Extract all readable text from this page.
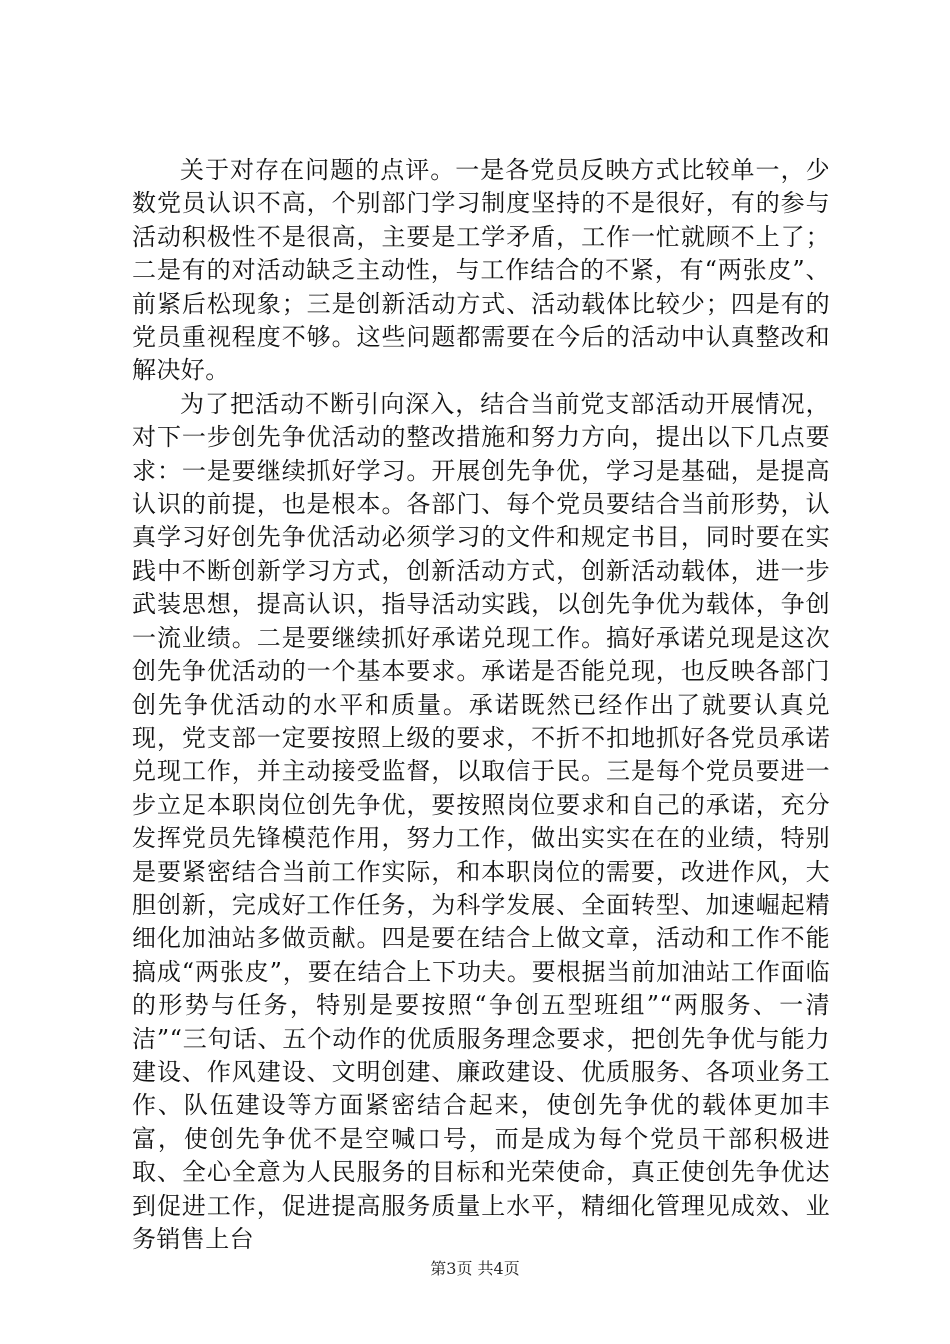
关于对存在问题的点评。一是各党员反映方式比较单一，少数党员认识不高，个别部门学习制度坚持的不是很好，有的参与活动积极性不是很高，主要是工学矛盾，工作一忙就顾不上了；二是有的对活动缺乏主动性，与工作结合的不紧，有“两张皮”、前紧后松现象；三是创新活动方式、活动载体比较少；四是有的党员重视程度不够。这些问题都需要在今后的活动中认真整改和解决好。

为了把活动不断引向深入，结合当前党支部活动开展情况，对下一步创先争优活动的整改措施和努力方向，提出以下几点要求：一是要继续抓好学习。开展创先争优，学习是基础，是提高认识的前提，也是根本。各部门、每个党员要结合当前形势，认真学习好创先争优活动必须学习的文件和规定书目，同时要在实践中不断创新学习方式，创新活动方式，创新活动载体，进一步武装思想，提高认识，指导活动实践，以创先争优为载体，争创一流业绩。二是要继续抓好承诺兑现工作。搞好承诺兑现是这次创先争优活动的一个基本要求。承诺是否能兑现，也反映各部门创先争优活动的水平和质量。承诺既然已经作出了就要认真兑现，党支部一定要按照上级的要求，不折不扣地抓好各党员承诺兑现工作，并主动接受监督，以取信于民。三是每个党员要进一步立足本职岗位创先争优，要按照岗位要求和自己的承诺，充分发挥党员先锋模范作用，努力工作，做出实实在在的业绩，特别是要紧密结合当前工作实际，和本职岗位的需要，改进作风，大胆创新，完成好工作任务，为科学发展、全面转型、加速崛起精细化加油站多做贡献。四是要在结合上做文章，活动和工作不能搞成“两张皮”，要在结合上下功夫。要根据当前加油站工作面临的形势与任务，特别是要按照“争创五型班组”“两服务、一清洁”“三句话、五个动作的优质服务理念要求，把创先争优与能力建设、作风建设、文明创建、廉政建设、优质服务、各项业务工作、队伍建设等方面紧密结合起来，使创先争优的载体更加丰富，使创先争优不是空喊口号，而是成为每个党员干部积极进取、全心全意为人民服务的目标和光荣使命，真正使创先争优达到促进工作，促进提高服务质量上水平，精细化管理见成效、业务销售上台

第3页 共4页
